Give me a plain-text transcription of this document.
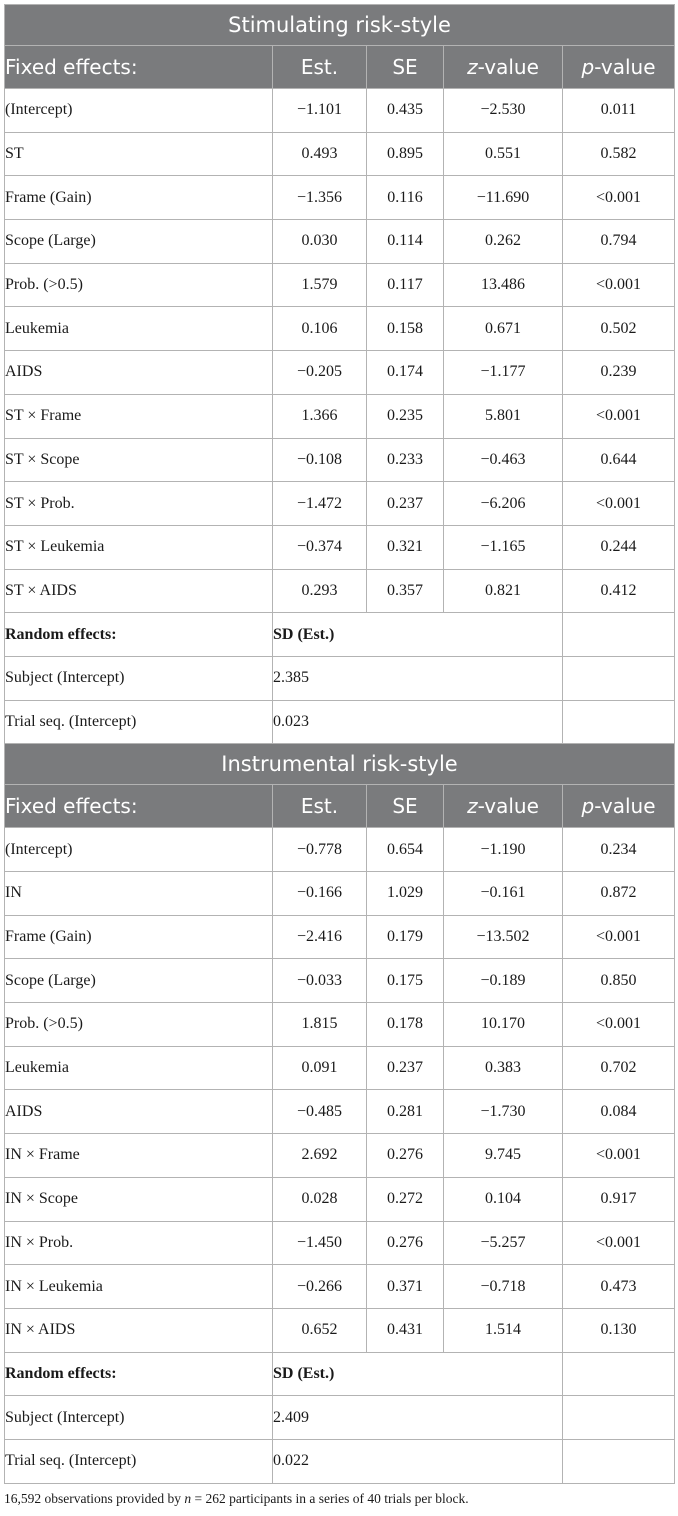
Stimulating risk-style				
Fixed effects:	Est.	SE	z-value	p-value
(Intercept)	−1.101	0.435	−2.530	0.011
ST	0.493	0.895	0.551	0.582
Frame (Gain)	−1.356	0.116	−11.690	<0.001
Scope (Large)	0.030	0.114	0.262	0.794
Prob. (>0.5)	1.579	0.117	13.486	<0.001
Leukemia	0.106	0.158	0.671	0.502
AIDS	−0.205	0.174	−1.177	0.239
ST × Frame	1.366	0.235	5.801	<0.001
ST × Scope	−0.108	0.233	−0.463	0.644
ST × Prob.	−1.472	0.237	−6.206	<0.001
ST × Leukemia	−0.374	0.321	−1.165	0.244
ST × AIDS	0.293	0.357	0.821	0.412
Random effects:	SD (Est.)			
Subject (Intercept)	2.385			
Trial seq. (Intercept)	0.023			
Instrumental risk-style				
Fixed effects:	Est.	SE	z-value	p-value
(Intercept)	−0.778	0.654	−1.190	0.234
IN	−0.166	1.029	−0.161	0.872
Frame (Gain)	−2.416	0.179	−13.502	<0.001
Scope (Large)	−0.033	0.175	−0.189	0.850
Prob. (>0.5)	1.815	0.178	10.170	<0.001
Leukemia	0.091	0.237	0.383	0.702
AIDS	−0.485	0.281	−1.730	0.084
IN × Frame	2.692	0.276	9.745	<0.001
IN × Scope	0.028	0.272	0.104	0.917
IN × Prob.	−1.450	0.276	−5.257	<0.001
IN × Leukemia	−0.266	0.371	−0.718	0.473
IN × AIDS	0.652	0.431	1.514	0.130
Random effects:	SD (Est.)			
Subject (Intercept)	2.409			
Trial seq. (Intercept)	0.022			
16,592 observations provided by n = 262 participants in a series of 40 trials per block.
